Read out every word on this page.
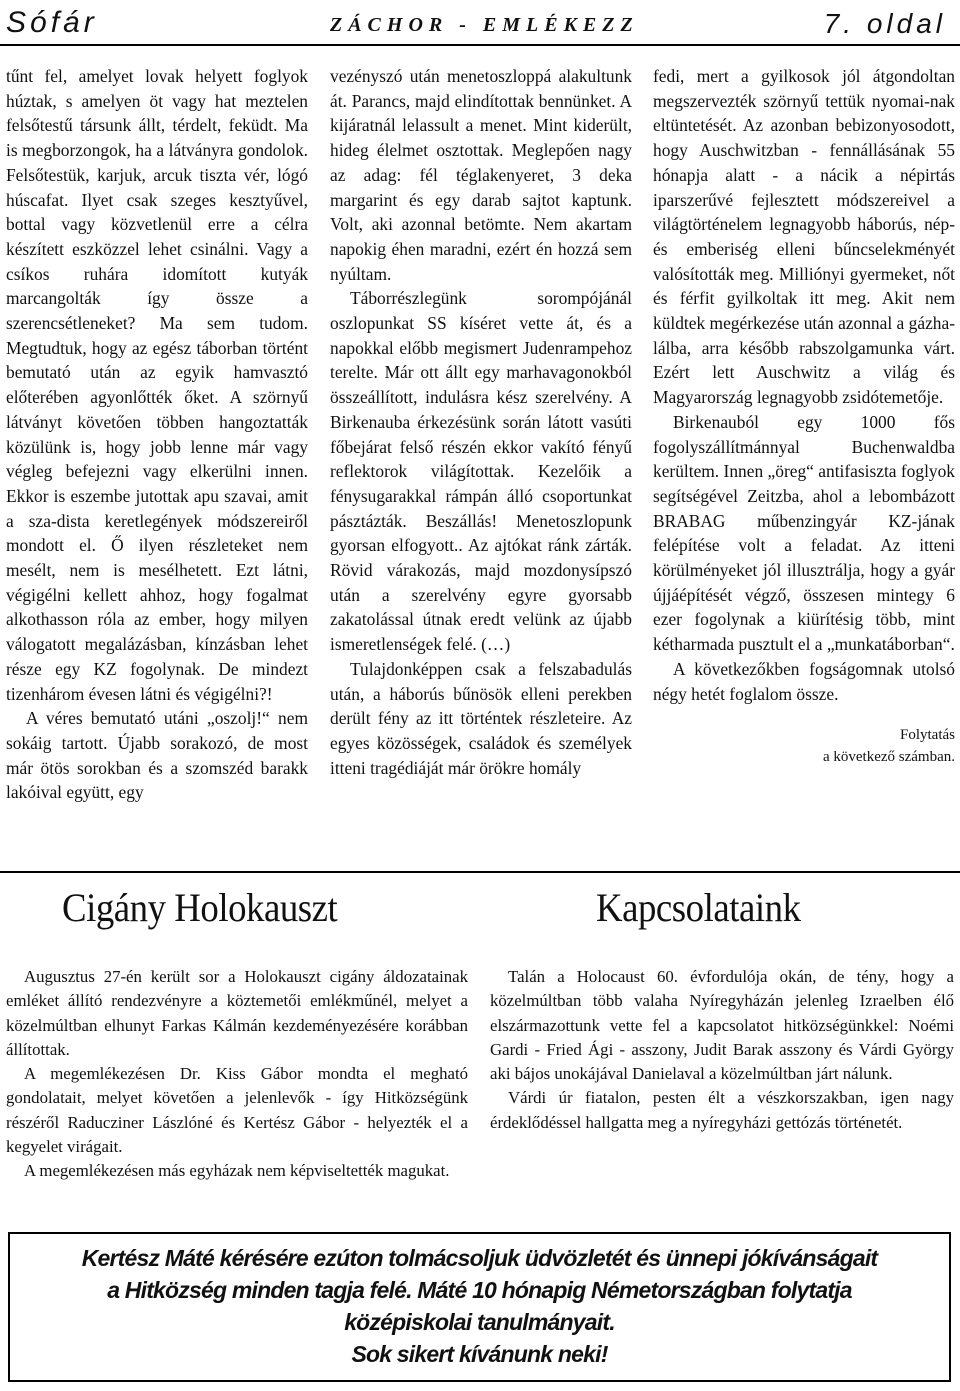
Sófár	ZÁCHOR - EMLÉKEZZ	7. oldal

tűnt fel, amelyet lovak helyett foglyok húztak, s amelyen öt vagy hat meztelen felsőtestű társunk állt, térdelt, feküdt. Ma is megborzongok, ha a látványra gondolok. Felsőtestük, karjuk, arcuk tiszta vér, lógó húscafat. Ilyet csak szeges kesztyűvel, bottal vagy közvetlenül erre a célra készített eszközzel lehet csinálni. Vagy a csíkos ruhára idomított kutyák marcangolták így össze a szerencsétleneket? Ma sem tudom. Megtudtuk, hogy az egész táborban történt bemutató után az egyik hamvasztó előterében agyonlőtték őket. A szörnyű látványt követően többen hangoztatták közülünk is, hogy jobb lenne már vagy végleg befejezni vagy elkerülni innen. Ekkor is eszembe jutottak apu szavai, amit a sza-dista keretlegények módszereiről mondott el. Ő ilyen részleteket nem mesélt, nem is mesélhetett. Ezt látni, végigélni kellett ahhoz, hogy fogalmat alkothasson róla az ember, hogy milyen válogatott megalázásban, kínzásban lehet része egy KZ fogolynak. De mindezt tizenhárom évesen látni és végigélni?!

A véres bemutató utáni „oszolj!“ nem sokáig tartott. Újabb sorakozó, de most már ötös sorokban és a szomszéd barakk lakóival együtt, egy

vezényszó után menetoszloppá alakultunk át. Parancs, majd elindítottak bennünket. A kijáratnál lelassult a menet. Mint kiderült, hideg élelmet osztottak. Meglepően nagy az adag: fél téglakenyeret, 3 deka margarint és egy darab sajtot kaptunk. Volt, aki azonnal betömte. Nem akartam napokig éhen maradni, ezért én hozzá sem nyúltam.

Táborrészlegünk sorompójánál oszlopunkat SS kíséret vette át, és a napokkal előbb megismert Judenrampehoz terelte. Már ott állt egy marhavagonokból összeállított, indulásra kész szerelvény. A Birkenauba érkezésünk során látott vasúti főbejárat felső részén ekkor vakító fényű reflektorok világítottak. Kezelőik a fénysugarakkal rámpán álló csoportunkat pásztázták. Beszállás! Menetoszlopunk gyorsan elfogyott.. Az ajtókat ránk zárták. Rövid várakozás, majd mozdonysípszó után a szerelvény egyre gyorsabb zakatolással útnak eredt velünk az újabb ismeretlenségek felé. (…)

Tulajdonképpen csak a felszabadulás után, a háborús bűnösök elleni perekben derült fény az itt történtek részleteire. Az egyes közösségek, családok és személyek itteni tragédiáját már örökre homály

fedi, mert a gyilkosok jól átgondoltan megszervezték szörnyű tettük nyomai-nak eltüntetését. Az azonban bebizonyosodott, hogy Auschwitzban - fennállásának 55 hónapja alatt - a nácik a népirtás iparszerűvé fejlesztett módszereivel a világtörténelem legnagyobb háborús, nép- és emberiség elleni bűncselekményét valósították meg. Milliónyi gyermeket, nőt és férfit gyilkoltak itt meg. Akit nem küldtek megérkezése után azonnal a gázha-lálba, arra később rabszolgamunka várt. Ezért lett Auschwitz a világ és Magyarország legnagyobb zsidótemetője.

Birkenauból egy 1000 fős fogolyszállítmánnyal Buchenwaldba kerültem. Innen „öreg“ antifasiszta foglyok segítségével Zeitzba, ahol a lebombázott BRABAG műbenzingyár KZ-jának felépítése volt a feladat. Az itteni körülményeket jól illusztrálja, hogy a gyár újjáépítését végző, összesen mintegy 6 ezer fogolynak a kiürítésig több, mint kétharmada pusztult el a „munkatáborban“.

A következőkben fogságomnak utolsó négy hetét foglalom össze.

Folytatás
a következő számban.
Cigány Holokauszt	Kapcsolataink

Augusztus 27-én került sor a Holokauszt cigány áldozatainak emléket állító rendezvényre a köztemetői emlékműnél, melyet a közelmúltban elhunyt Farkas Kálmán kezdeményezésére korábban állítottak.

A megemlékezésen Dr. Kiss Gábor mondta el megható gondolatait, melyet követően a jelenlevők - így Hitközségünk részéről Raducziner Lászlóné és Kertész Gábor - helyezték el a kegyelet virágait.

A megemlékezésen más egyházak nem képviseltették magukat.

Talán a Holocaust 60. évfordulója okán, de tény, hogy a közelmúltban több valaha Nyíregyházán jelenleg Izraelben élő elszármazottunk vette fel a kapcsolatot hitközségünkkel: Noémi Gardi - Fried Ági - asszony, Judit Barak asszony és Várdi György aki bájos unokájával Danielaval a közelmúltban járt nálunk.

Várdi úr fiatalon, pesten élt a vészkorszakban, igen nagy érdeklődéssel hallgatta meg a nyíregyházi gettózás történetét.

Kertész Máté kérésére ezúton tolmácsoljuk üdvözletét és ünnepi jókívánságait
a Hitközség minden tagja felé. Máté 10 hónapig Németországban folytatja
középiskolai tanulmányait.
Sok sikert kívánunk neki!
